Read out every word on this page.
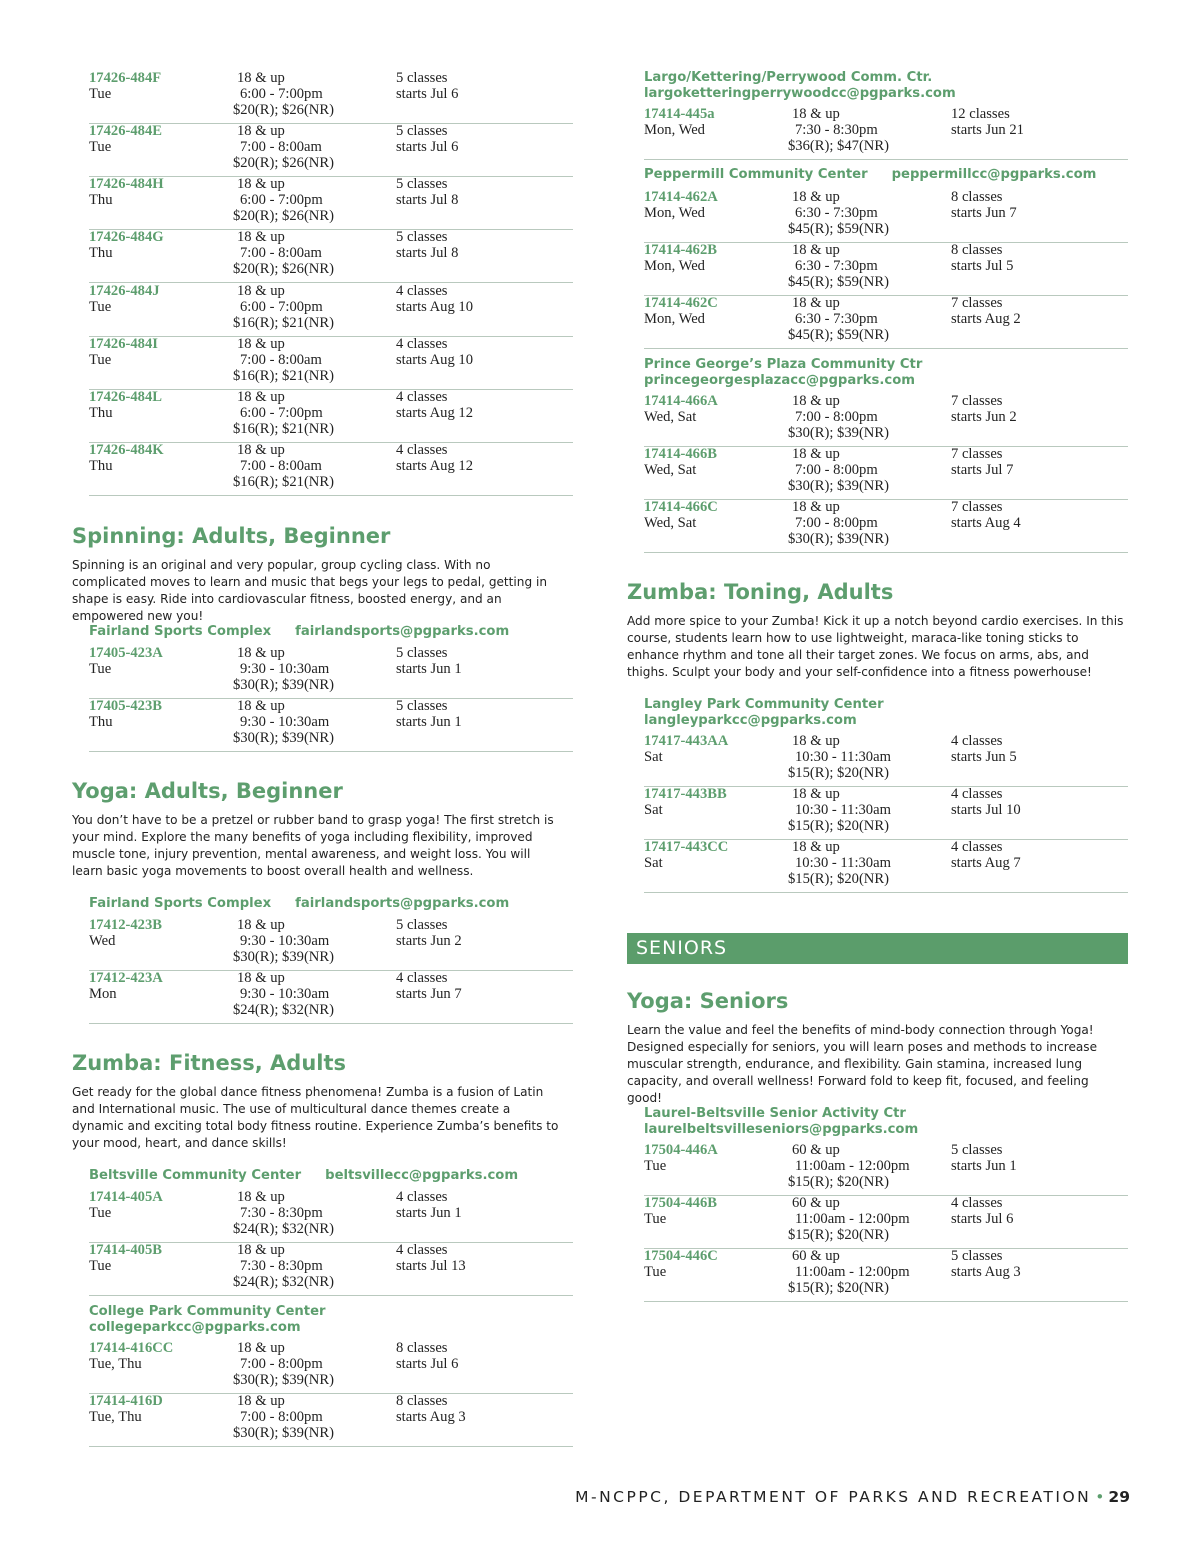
17426-484F
Tue
18 & up
6:00 - 7:00pm
$20(R); $26(NR)
5 classes
starts Jul 6
17426-484E
Tue
18 & up
7:00 - 8:00am
$20(R); $26(NR)
5 classes
starts Jul 6
17426-484H
Thu
18 & up
6:00 - 7:00pm
$20(R); $26(NR)
5 classes
starts Jul 8
17426-484G
Thu
18 & up
7:00 - 8:00am
$20(R); $26(NR)
5 classes
starts Jul 8
17426-484J
Tue
18 & up
6:00 - 7:00pm
$16(R); $21(NR)
4 classes
starts Aug 10
17426-484I
Tue
18 & up
7:00 - 8:00am
$16(R); $21(NR)
4 classes
starts Aug 10
17426-484L
Thu
18 & up
6:00 - 7:00pm
$16(R); $21(NR)
4 classes
starts Aug 12
17426-484K
Thu
18 & up
7:00 - 8:00am
$16(R); $21(NR)
4 classes
starts Aug 12
Spinning: Adults, Beginner

Spinning is an original and very popular, group cycling class. With no complicated moves to learn and music that begs your legs to pedal, getting in shape is easy. Ride into cardiovascular fitness, boosted energy, and an empowered new you!

Fairland Sports Complex fairlandsports@pgparks.com
17405-423A
Tue
18 & up
9:30 - 10:30am
$30(R); $39(NR)
5 classes
starts Jun 1
17405-423B
Thu
18 & up
9:30 - 10:30am
$30(R); $39(NR)
5 classes
starts Jun 1
Yoga: Adults, Beginner

You don’t have to be a pretzel or rubber band to grasp yoga! The first stretch is your mind. Explore the many benefits of yoga including flexibility, improved muscle tone, injury prevention, mental awareness, and weight loss. You will learn basic yoga movements to boost overall health and wellness.

Fairland Sports Complex fairlandsports@pgparks.com
17412-423B
Wed
18 & up
9:30 - 10:30am
$30(R); $39(NR)
5 classes
starts Jun 2
17412-423A
Mon
18 & up
9:30 - 10:30am
$24(R); $32(NR)
4 classes
starts Jun 7
Zumba: Fitness, Adults

Get ready for the global dance fitness phenomena! Zumba is a fusion of Latin and International music. The use of multicultural dance themes create a dynamic and exciting total body fitness routine. Experience Zumba’s benefits to your mood, heart, and dance skills!

Beltsville Community Center beltsvillecc@pgparks.com
17414-405A
Tue
18 & up
7:30 - 8:30pm
$24(R); $32(NR)
4 classes
starts Jun 1
17414-405B
Tue
18 & up
7:30 - 8:30pm
$24(R); $32(NR)
4 classes
starts Jul 13
College Park Community Center
collegeparkcc@pgparks.com
17414-416CC
Tue, Thu
18 & up
7:00 - 8:00pm
$30(R); $39(NR)
8 classes
starts Jul 6
17414-416D
Tue, Thu
18 & up
7:00 - 8:00pm
$30(R); $39(NR)
8 classes
starts Aug 3
Largo/Kettering/Perrywood Comm. Ctr.
largoketteringperrywoodcc@pgparks.com
17414-445a
Mon, Wed
18 & up
7:30 - 8:30pm
$36(R); $47(NR)
12 classes
starts Jun 21
Peppermill Community Center peppermillcc@pgparks.com
17414-462A
Mon, Wed
18 & up
6:30 - 7:30pm
$45(R); $59(NR)
8 classes
starts Jun 7
17414-462B
Mon, Wed
18 & up
6:30 - 7:30pm
$45(R); $59(NR)
8 classes
starts Jul 5
17414-462C
Mon, Wed
18 & up
6:30 - 7:30pm
$45(R); $59(NR)
7 classes
starts Aug 2
Prince George’s Plaza Community Ctr
princegeorgesplazacc@pgparks.com
17414-466A
Wed, Sat
18 & up
7:00 - 8:00pm
$30(R); $39(NR)
7 classes
starts Jun 2
17414-466B
Wed, Sat
18 & up
7:00 - 8:00pm
$30(R); $39(NR)
7 classes
starts Jul 7
17414-466C
Wed, Sat
18 & up
7:00 - 8:00pm
$30(R); $39(NR)
7 classes
starts Aug 4
Zumba: Toning, Adults

Add more spice to your Zumba! Kick it up a notch beyond cardio exercises. In this course, students learn how to use lightweight, maraca-like toning sticks to enhance rhythm and tone all their target zones. We focus on arms, abs, and thighs. Sculpt your body and your self-confidence into a fitness powerhouse!

Langley Park Community Center
langleyparkcc@pgparks.com
17417-443AA
Sat
18 & up
10:30 - 11:30am
$15(R); $20(NR)
4 classes
starts Jun 5
17417-443BB
Sat
18 & up
10:30 - 11:30am
$15(R); $20(NR)
4 classes
starts Jul 10
17417-443CC
Sat
18 & up
10:30 - 11:30am
$15(R); $20(NR)
4 classes
starts Aug 7
SENIORS
Yoga: Seniors

Learn the value and feel the benefits of mind-body connection through Yoga! Designed especially for seniors, you will learn poses and methods to increase muscular strength, endurance, and flexibility. Gain stamina, increased lung capacity, and overall wellness! Forward fold to keep fit, focused, and feeling good!

Laurel-Beltsville Senior Activity Ctr
laurelbeltsvilleseniors@pgparks.com
17504-446A
Tue
60 & up
11:00am - 12:00pm
$15(R); $20(NR)
5 classes
starts Jun 1
17504-446B
Tue
60 & up
11:00am - 12:00pm
$15(R); $20(NR)
4 classes
starts Jul 6
17504-446C
Tue
60 & up
11:00am - 12:00pm
$15(R); $20(NR)
5 classes
starts Aug 3
M-NCPPC, DEPARTMENT OF PARKS AND RECREATION • 29
